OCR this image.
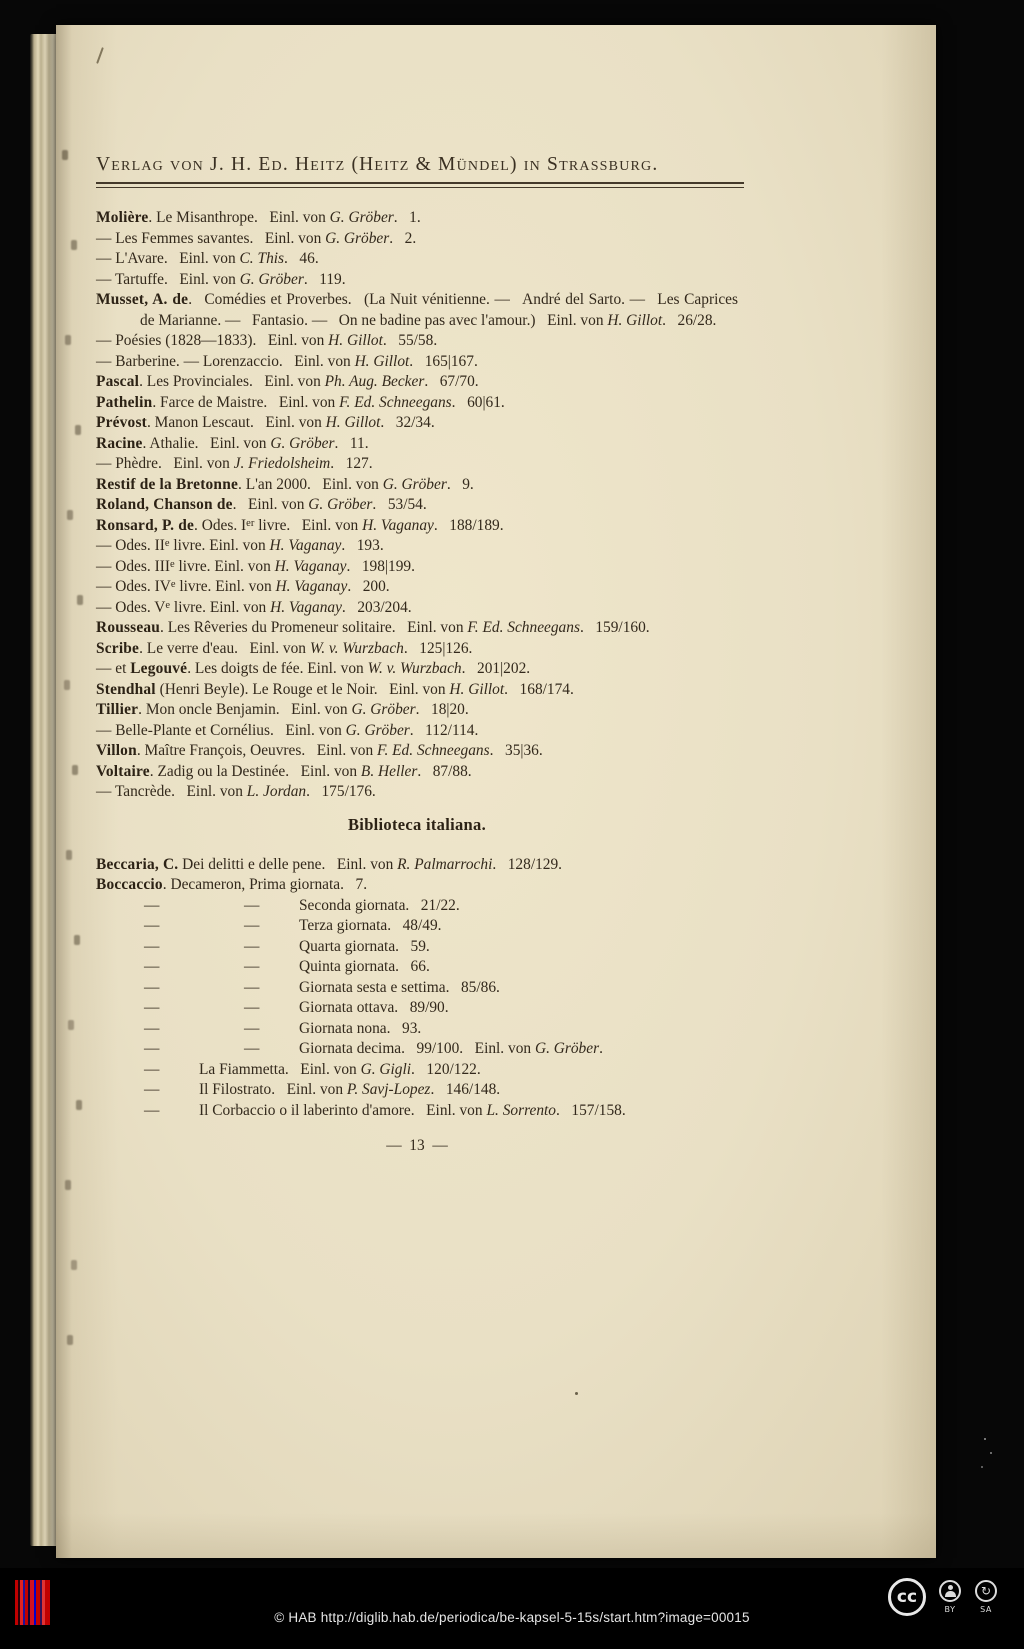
Verlag von J. H. Ed. Heitz (Heitz & Mündel) in Strassburg.

Molière. Le Misanthrope.  Einl. von G. Gröber.  1.

— Les Femmes savantes.  Einl. von G. Gröber.  2.

— L'Avare.  Einl. von C. This.  46.

— Tartuffe.  Einl. von G. Gröber.  119.

Musset, A. de.  Comédies et Proverbes.  (La Nuit vénitienne. —  André del Sarto. —  Les Caprices de Marianne. —  Fantasio. —  On ne badine pas avec l'amour.)  Einl. von H. Gillot.  26/28.

— Poésies (1828—1833).  Einl. von H. Gillot.  55/58.

— Barberine. — Lorenzaccio.  Einl. von H. Gillot.  165|167.

Pascal. Les Provinciales.  Einl. von Ph. Aug. Becker.  67/70.

Pathelin. Farce de Maistre.  Einl. von F. Ed. Schneegans.  60|61.

Prévost. Manon Lescaut.  Einl. von H. Gillot.  32/34.

Racine. Athalie.  Einl. von G. Gröber.  11.

— Phèdre.  Einl. von J. Friedolsheim.  127.

Restif de la Bretonne. L'an 2000.  Einl. von G. Gröber.  9.

Roland, Chanson de.  Einl. von G. Gröber.  53/54.

Ronsard, P. de. Odes. Ier livre.  Einl. von H. Vaganay.  188/189.

— Odes. IIe livre. Einl. von H. Vaganay.  193.

— Odes. IIIe livre. Einl. von H. Vaganay.  198|199.

— Odes. IVe livre. Einl. von H. Vaganay.  200.

— Odes. Ve livre. Einl. von H. Vaganay.  203/204.

Rousseau. Les Rêveries du Promeneur solitaire.  Einl. von F. Ed. Schneegans.  159/160.

Scribe. Le verre d'eau.  Einl. von W. v. Wurzbach.  125|126.

— et Legouvé. Les doigts de fée. Einl. von W. v. Wurzbach.  201|202.

Stendhal (Henri Beyle). Le Rouge et le Noir.  Einl. von H. Gillot.  168/174.

Tillier. Mon oncle Benjamin.  Einl. von G. Gröber.  18|20.

— Belle-Plante et Cornélius.  Einl. von G. Gröber.  112/114.

Villon. Maître François, Oeuvres.  Einl. von F. Ed. Schneegans.  35|36.

Voltaire. Zadig ou la Destinée.  Einl. von B. Heller.  87/88.

— Tancrède.  Einl. von L. Jordan.  175/176.

Biblioteca italiana.

Beccaria, C. Dei delitti e delle pene.  Einl. von R. Palmarrochi.  128/129.

Boccaccio. Decameron, Prima giornata.  7.

—	—	Seconda giornata.  21/22.

—	—	Terza giornata.  48/49.

—	—	Quarta giornata.  59.

—	—	Quinta giornata.  66.

—	—	Giornata sesta e settima.  85/86.

—	—	Giornata ottava.  89/90.

—	—	Giornata nona.  93.

—	—	Giornata decima.  99/100.  Einl. von G. Gröber.

—	La Fiammetta.  Einl. von G. Gigli.  120/122.

—	Il Filostrato.  Einl. von P. Savj-Lopez.  146/148.

—	Il Corbaccio o il laberinto d'amore.  Einl. von L. Sorrento.  157/158.

— 13 —
© HAB http://diglib.hab.de/periodica/be-kapsel-5-15s/start.htm?image=00015
cc
BY
↻
SA
